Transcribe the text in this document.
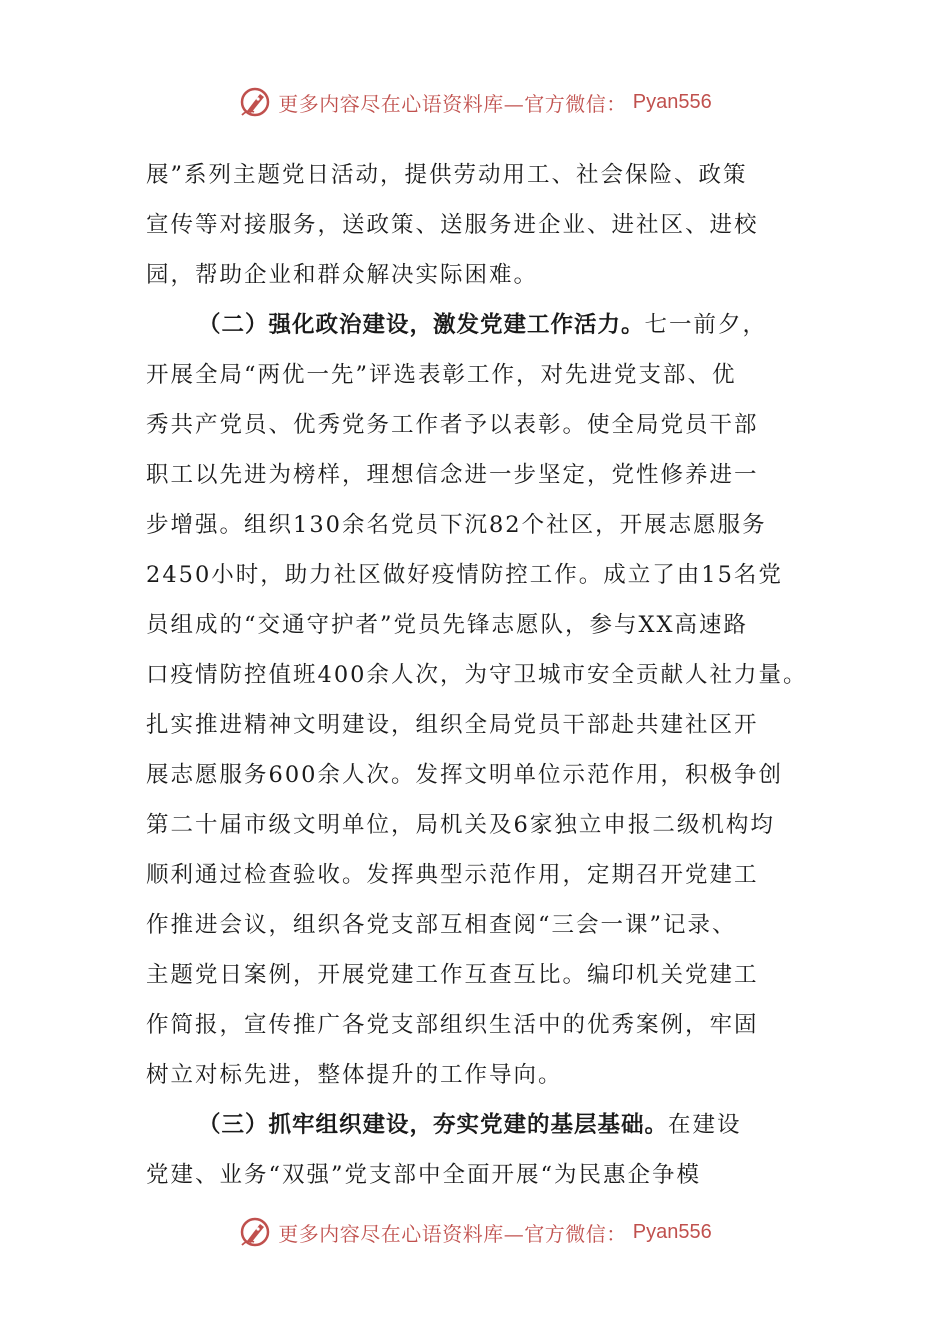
更多内容尽在心语资料库—官方微信： Pyan556
展”系列主题党日活动，提供劳动用工、社会保险、政策
宣传等对接服务，送政策、送服务进企业、进社区、进校
园，帮助企业和群众解决实际困难。
（二）强化政治建设，激发党建工作活力。七一前夕，
开展全局“两优一先”评选表彰工作，对先进党支部、优
秀共产党员、优秀党务工作者予以表彰。使全局党员干部
职工以先进为榜样，理想信念进一步坚定，党性修养进一
步增强。组织130余名党员下沉82个社区，开展志愿服务
2450小时，助力社区做好疫情防控工作。成立了由15名党
员组成的“交通守护者”党员先锋志愿队，参与XX高速路
口疫情防控值班400余人次，为守卫城市安全贡献人社力量。
扎实推进精神文明建设，组织全局党员干部赴共建社区开
展志愿服务600余人次。发挥文明单位示范作用，积极争创
第二十届市级文明单位，局机关及6家独立申报二级机构均
顺利通过检查验收。发挥典型示范作用，定期召开党建工
作推进会议，组织各党支部互相查阅“三会一课”记录、
主题党日案例，开展党建工作互查互比。编印机关党建工
作简报，宣传推广各党支部组织生活中的优秀案例，牢固
树立对标先进，整体提升的工作导向。
（三）抓牢组织建设，夯实党建的基层基础。在建设
党建、业务“双强”党支部中全面开展“为民惠企争模
更多内容尽在心语资料库—官方微信： Pyan556
